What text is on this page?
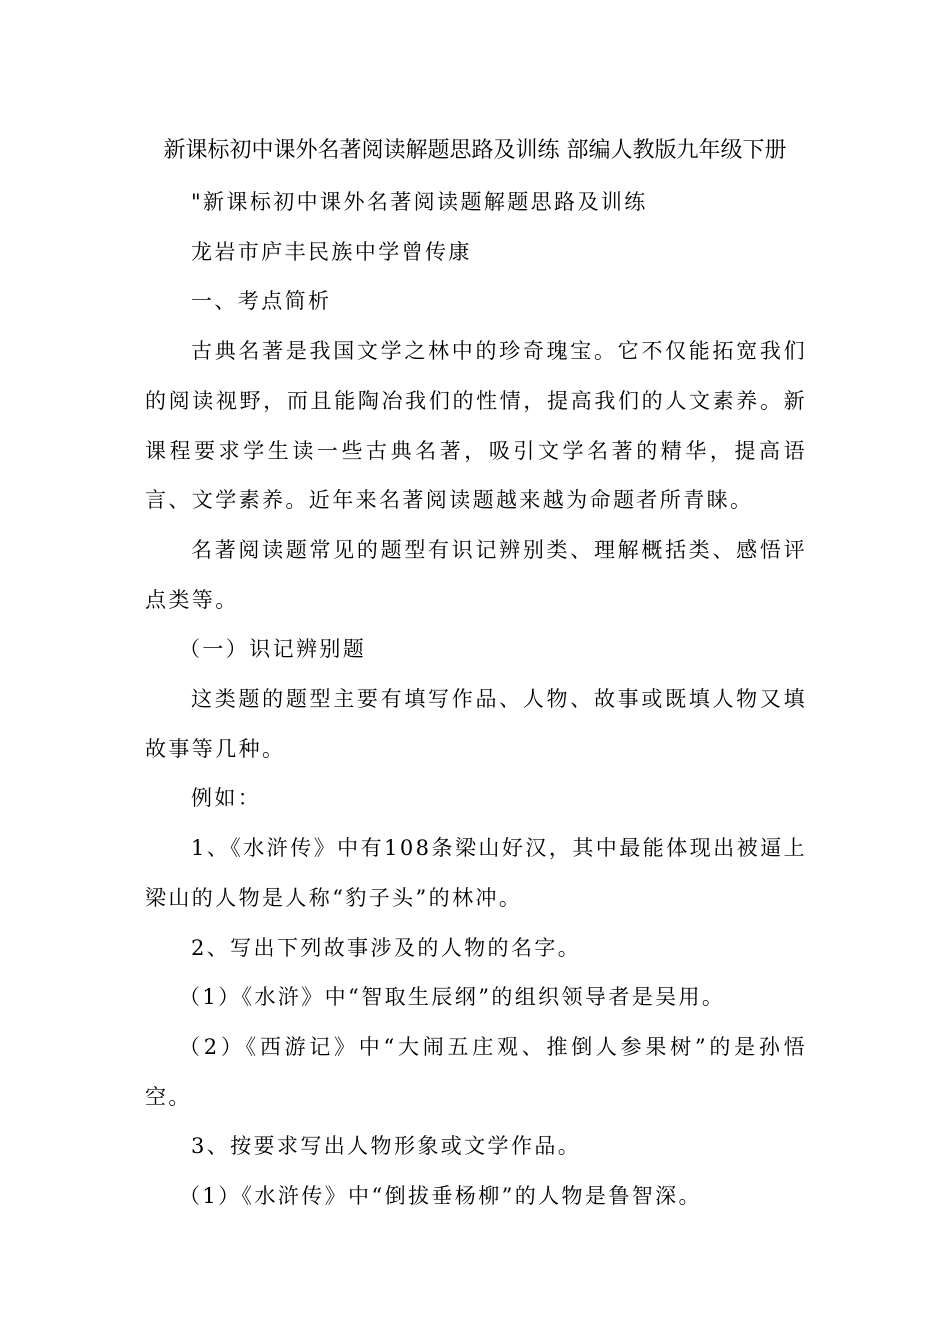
新课标初中课外名著阅读解题思路及训练 部编人教版九年级下册

"新课标初中课外名著阅读题解题思路及训练

龙岩市庐丰民族中学曾传康

一、考点简析

古典名著是我国文学之林中的珍奇瑰宝。它不仅能拓宽我们的阅读视野，而且能陶冶我们的性情，提高我们的人文素养。新课程要求学生读一些古典名著，吸引文学名著的精华，提高语言、文学素养。近年来名著阅读题越来越为命题者所青睐。

名著阅读题常见的题型有识记辨别类、理解概括类、感悟评点类等。

（一）识记辨别题

这类题的题型主要有填写作品、人物、故事或既填人物又填故事等几种。

例如：

1、《水浒传》中有108条梁山好汉，其中最能体现出被逼上梁山的人物是人称“豹子头”的林冲。

2、写出下列故事涉及的人物的名字。

（1）《水浒》中“智取生辰纲”的组织领导者是吴用。

（2）《西游记》中“大闹五庄观、推倒人参果树”的是孙悟空。

3、按要求写出人物形象或文学作品。

（1）《水浒传》中“倒拔垂杨柳”的人物是鲁智深。
